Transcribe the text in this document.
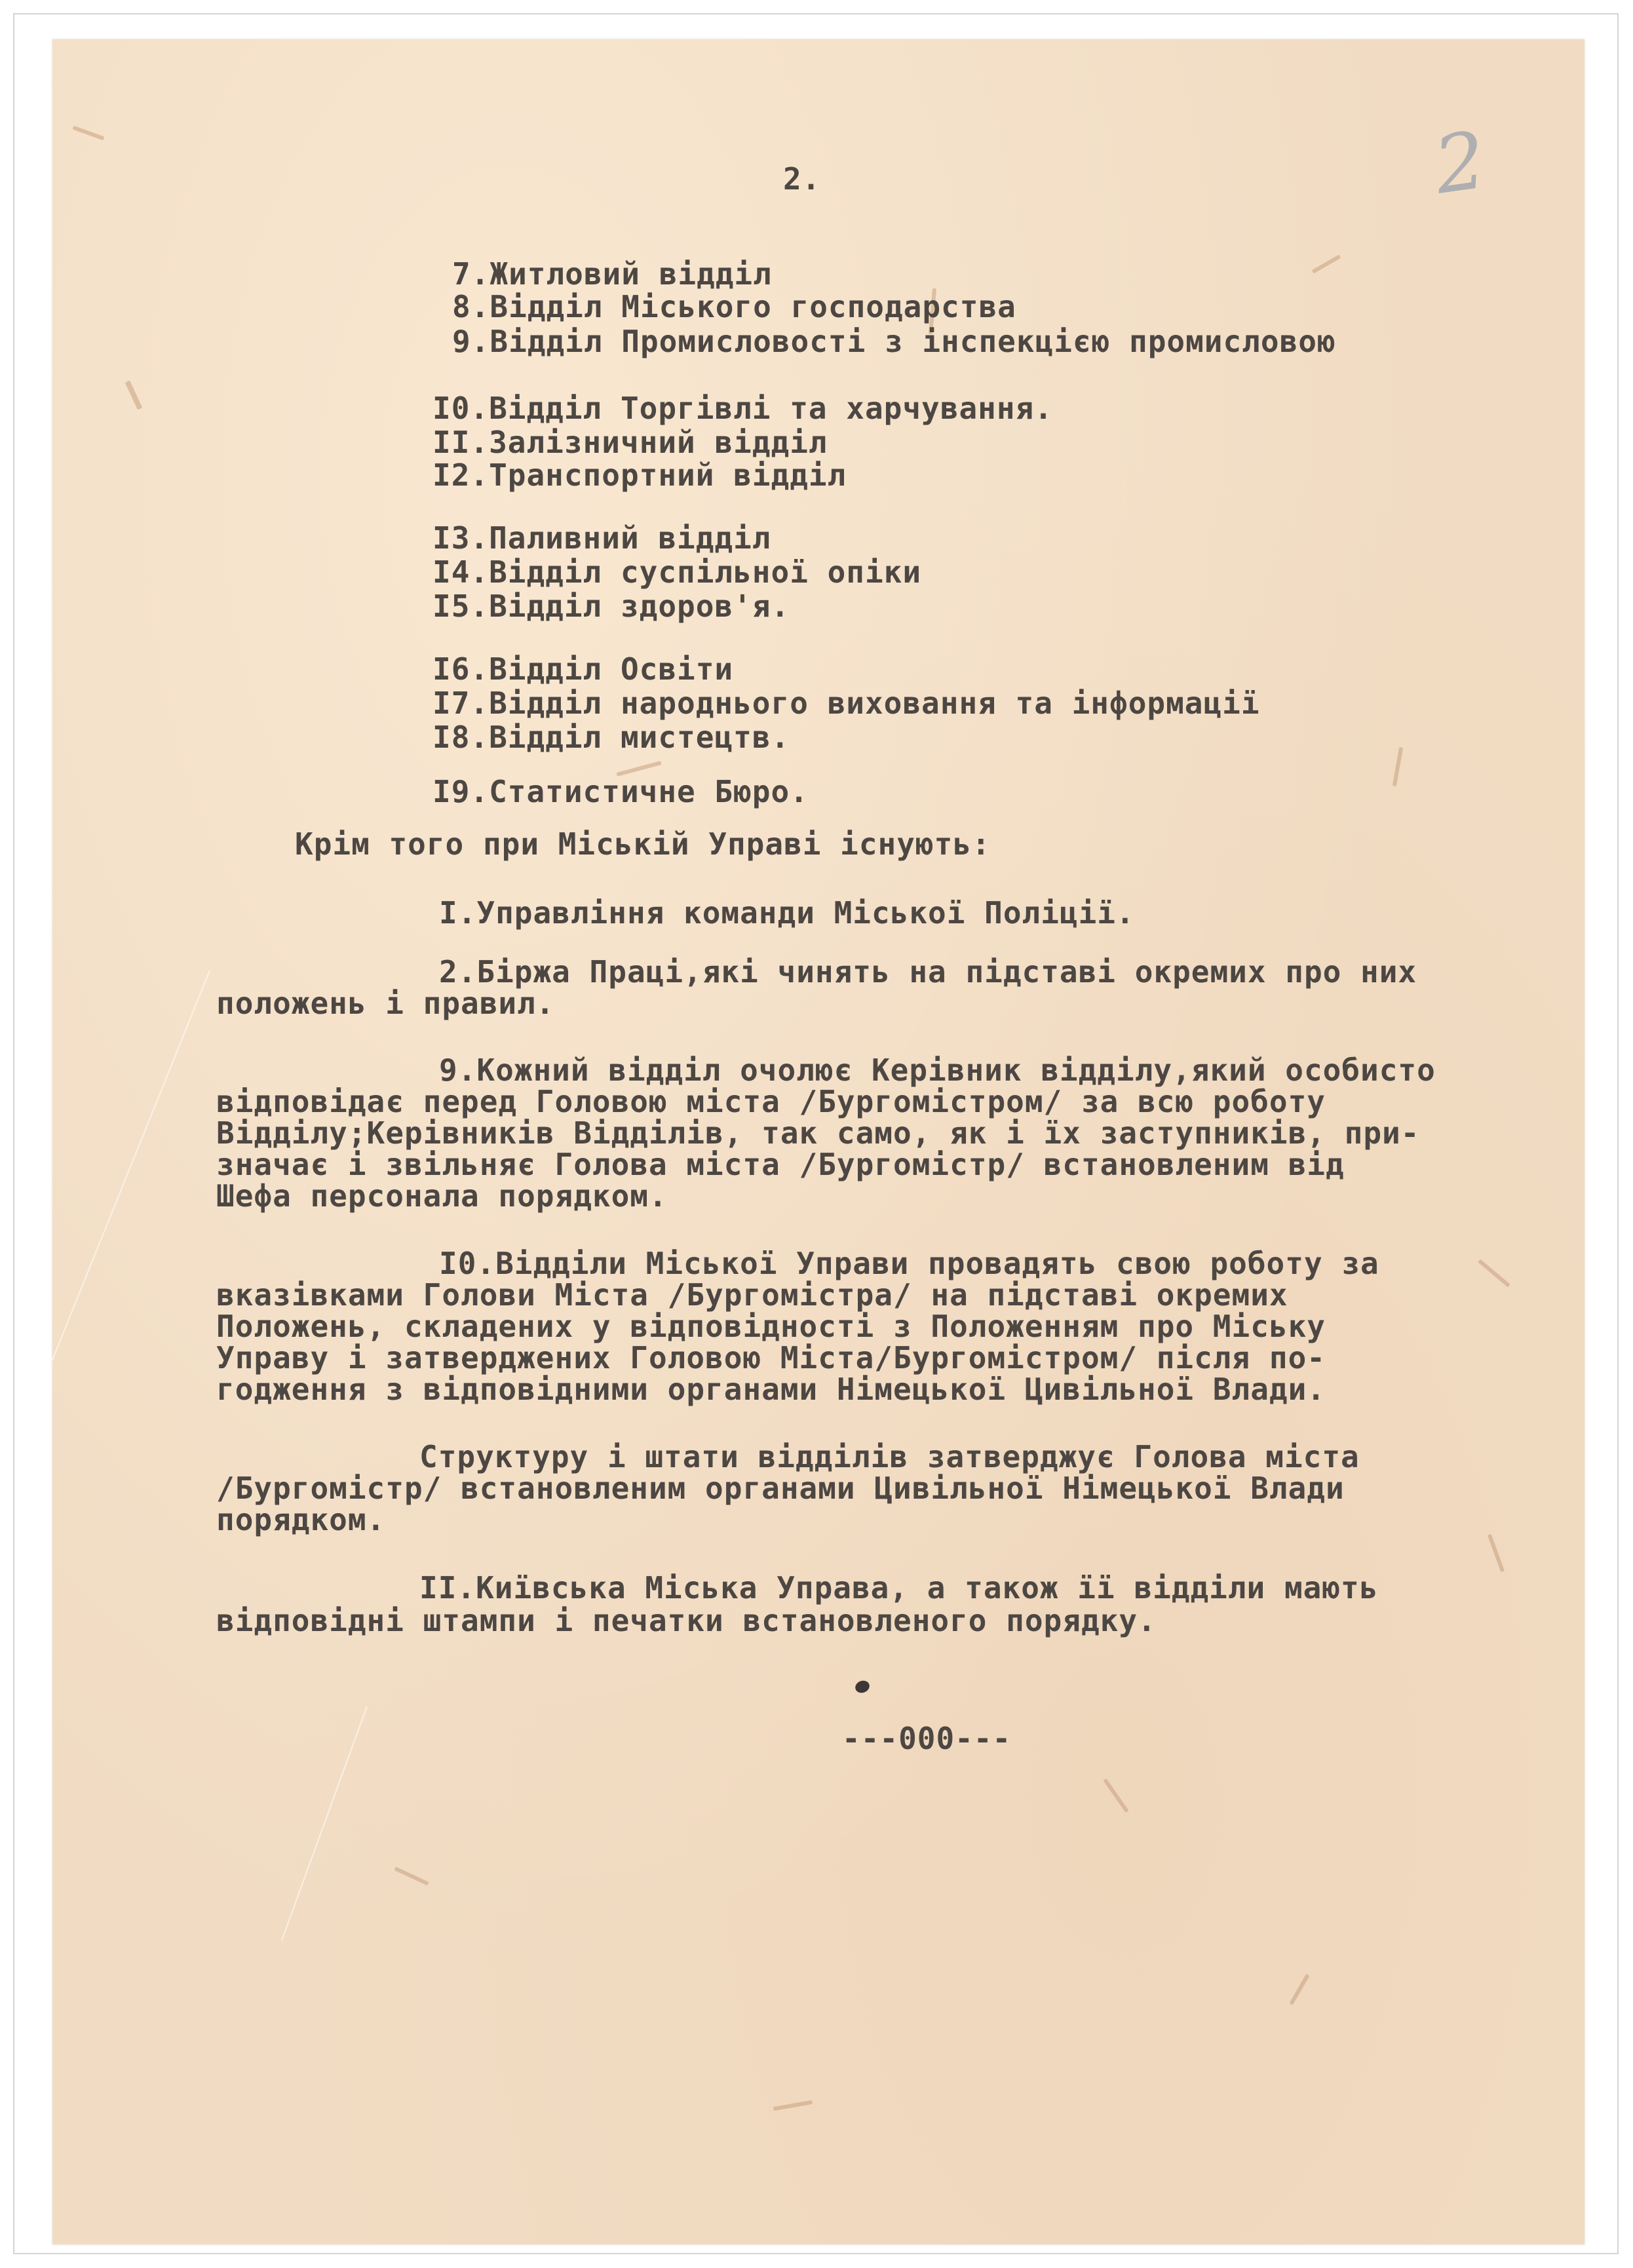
2
2.
7.Житловий відділ
8.Відділ Міського господарства
9.Відділ Промисловості з інспекцією промисловою
I0.Відділ Торгівлі та харчування.
II.Залізничний відділ
I2.Транспортний відділ
I3.Паливний відділ
I4.Відділ суспільної опіки
I5.Відділ здоров'я.
I6.Відділ Освіти
I7.Відділ народнього виховання та інформації
I8.Відділ мистецтв.
I9.Статистичне Бюро.
Крім того при Міській Управі існують:
I.Управління команди Міської Поліції.
2.Біржа Праці,які чинять на підставі окремих про них
положень і правил.
9.Кожний відділ очолює Керівник відділу,який особисто
відповідає перед Головою міста /Бургомістром/ за всю роботу
Відділу;Керівників Відділів, так само, як і їх заступників, при-
значає і звільняє Голова міста /Бургомістр/ встановленим від
Шефа персонала порядком.
I0.Відділи Міської Управи провадять свою роботу за
вказівками Голови Міста /Бургомістра/ на підставі окремих
Положень, складених у відповідності з Положенням про Міську
Управу і затверджених Головою Міста/Бургомістром/ після по-
годження з відповідними органами Німецької Цивільної Влади.
Структуру і штати відділів затверджує Голова міста
/Бургомістр/ встановленим органами Цивільної Німецької Влади
порядком.
II.Київська Міська Управа, а також її відділи мають
відповідні штампи і печатки встановленого порядку.
---000---
